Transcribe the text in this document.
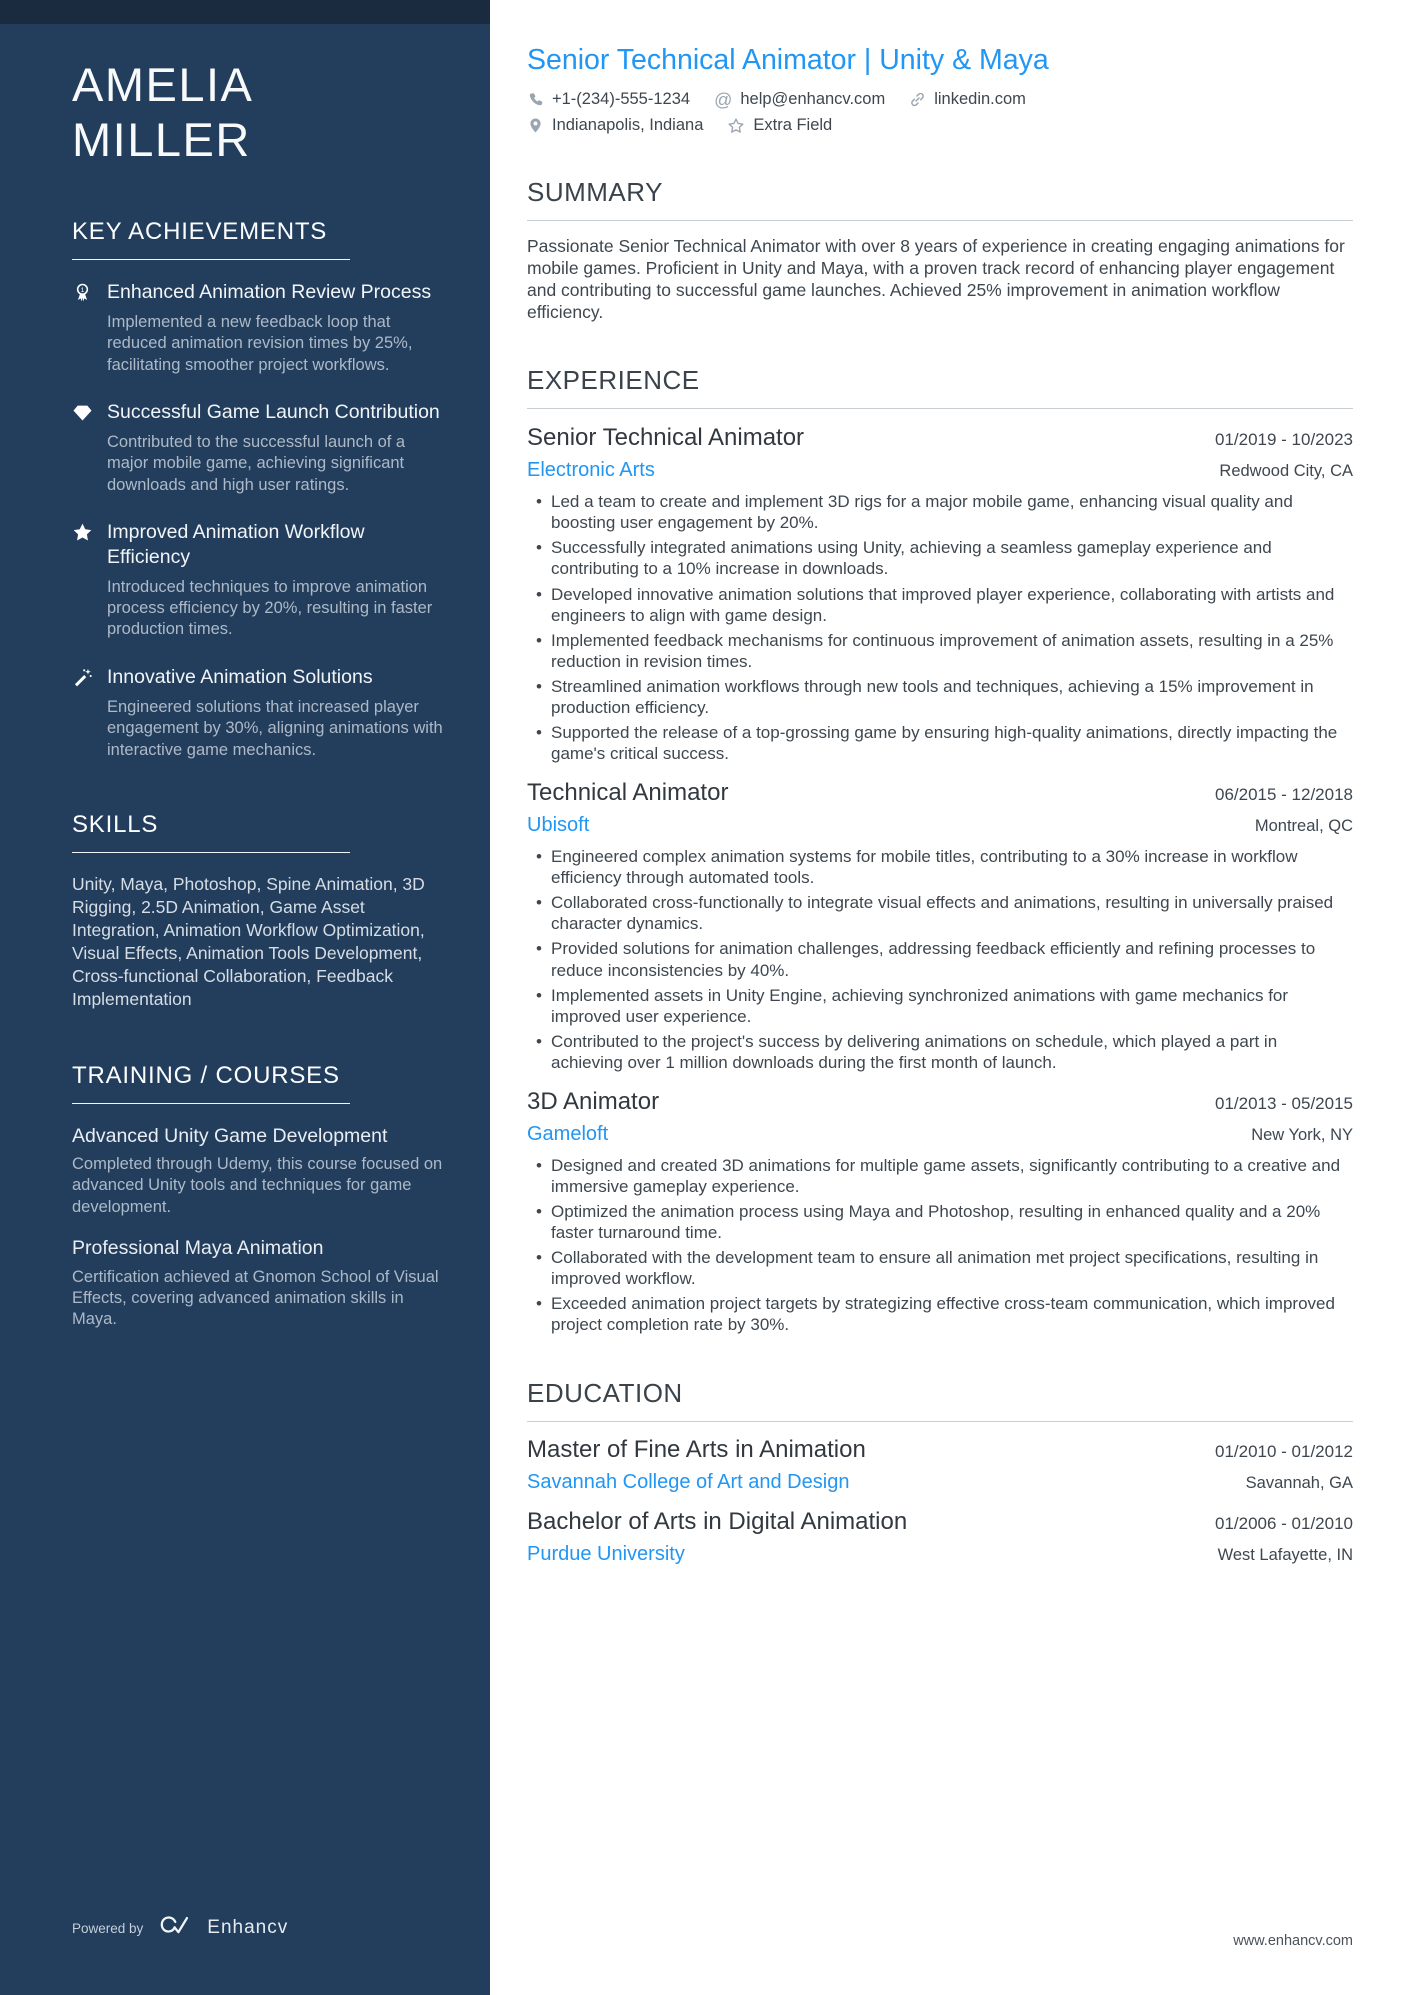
AMELIA
MILLER
KEY ACHIEVEMENTS
1 Enhanced Animation Review Process
Implemented a new feedback loop that reduced animation revision times by 25%, facilitating smoother project workflows.
Successful Game Launch Contribution
Contributed to the successful launch of a major mobile game, achieving significant downloads and high user ratings.
Improved Animation Workflow Efficiency
Introduced techniques to improve animation process efficiency by 20%, resulting in faster production times.
Innovative Animation Solutions
Engineered solutions that increased player engagement by 30%, aligning animations with interactive game mechanics.
SKILLS
Unity, Maya, Photoshop, Spine Animation, 3D Rigging, 2.5D Animation, Game Asset Integration, Animation Workflow Optimization, Visual Effects, Animation Tools Development, Cross-functional Collaboration, Feedback Implementation
TRAINING / COURSES
Advanced Unity Game Development
Completed through Udemy, this course focused on advanced Unity tools and techniques for game development.
Professional Maya Animation
Certification achieved at Gnomon School of Visual Effects, covering advanced animation skills in Maya.
Powered by	Enhancv
Senior Technical Animator | Unity & Maya
+1-(234)-555-1234 @ help@enhancv.com	linkedin.com
Indianapolis, Indiana	Extra Field
SUMMARY
Passionate Senior Technical Animator with over 8 years of experience in creating engaging animations for mobile games. Proficient in Unity and Maya, with a proven track record of enhancing player engagement and contributing to successful game launches. Achieved 25% improvement in animation workflow efficiency.
EXPERIENCE
Senior Technical Animator	01/2019 - 10/2023
Electronic Arts	Redwood City, CA
• Led a team to create and implement 3D rigs for a major mobile game, enhancing visual quality and boosting user engagement by 20%.
• Successfully integrated animations using Unity, achieving a seamless gameplay experience and contributing to a 10% increase in downloads.
• Developed innovative animation solutions that improved player experience, collaborating with artists and engineers to align with game design.
• Implemented feedback mechanisms for continuous improvement of animation assets, resulting in a 25% reduction in revision times.
• Streamlined animation workflows through new tools and techniques, achieving a 15% improvement in production efficiency.
• Supported the release of a top-grossing game by ensuring high-quality animations, directly impacting the game's critical success.
Technical Animator	06/2015 - 12/2018
Ubisoft	Montreal, QC
• Engineered complex animation systems for mobile titles, contributing to a 30% increase in workflow efficiency through automated tools.
• Collaborated cross-functionally to integrate visual effects and animations, resulting in universally praised character dynamics.
• Provided solutions for animation challenges, addressing feedback efficiently and refining processes to reduce inconsistencies by 40%.
• Implemented assets in Unity Engine, achieving synchronized animations with game mechanics for improved user experience.
• Contributed to the project's success by delivering animations on schedule, which played a part in achieving over 1 million downloads during the first month of launch.
3D Animator	01/2013 - 05/2015
Gameloft	New York, NY
• Designed and created 3D animations for multiple game assets, significantly contributing to a creative and immersive gameplay experience.
• Optimized the animation process using Maya and Photoshop, resulting in enhanced quality and a 20% faster turnaround time.
• Collaborated with the development team to ensure all animation met project specifications, resulting in improved workflow.
• Exceeded animation project targets by strategizing effective cross-team communication, which improved project completion rate by 30%.
EDUCATION
Master of Fine Arts in Animation	01/2010 - 01/2012
Savannah College of Art and Design	Savannah, GA
Bachelor of Arts in Digital Animation	01/2006 - 01/2010
Purdue University	West Lafayette, IN
www.enhancv.com
